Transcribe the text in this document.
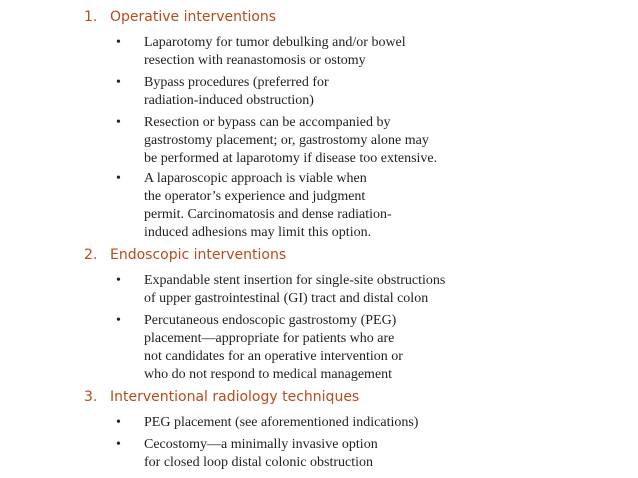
1. Operative interventions
•	Laparotomy for tumor debulking and/or bowel
resection with reanastomosis or ostomy
•	Bypass procedures (preferred for
radiation-induced obstruction)
•	Resection or bypass can be accompanied by
gastrostomy placement; or, gastrostomy alone may
be performed at laparotomy if disease too extensive.
•	A laparoscopic approach is viable when
the operator’s experience and judgment
permit. Carcinomatosis and dense radiation-
induced adhesions may limit this option.
2. Endoscopic interventions
•	Expandable stent insertion for single-site obstructions
of upper gastrointestinal (GI) tract and distal colon
•	Percutaneous endoscopic gastrostomy (PEG)
placement—appropriate for patients who are
not candidates for an operative intervention or
who do not respond to medical management
3. Interventional radiology techniques
•	PEG placement (see aforementioned indications)
•	Cecostomy—a minimally invasive option
for closed loop distal colonic obstruction
